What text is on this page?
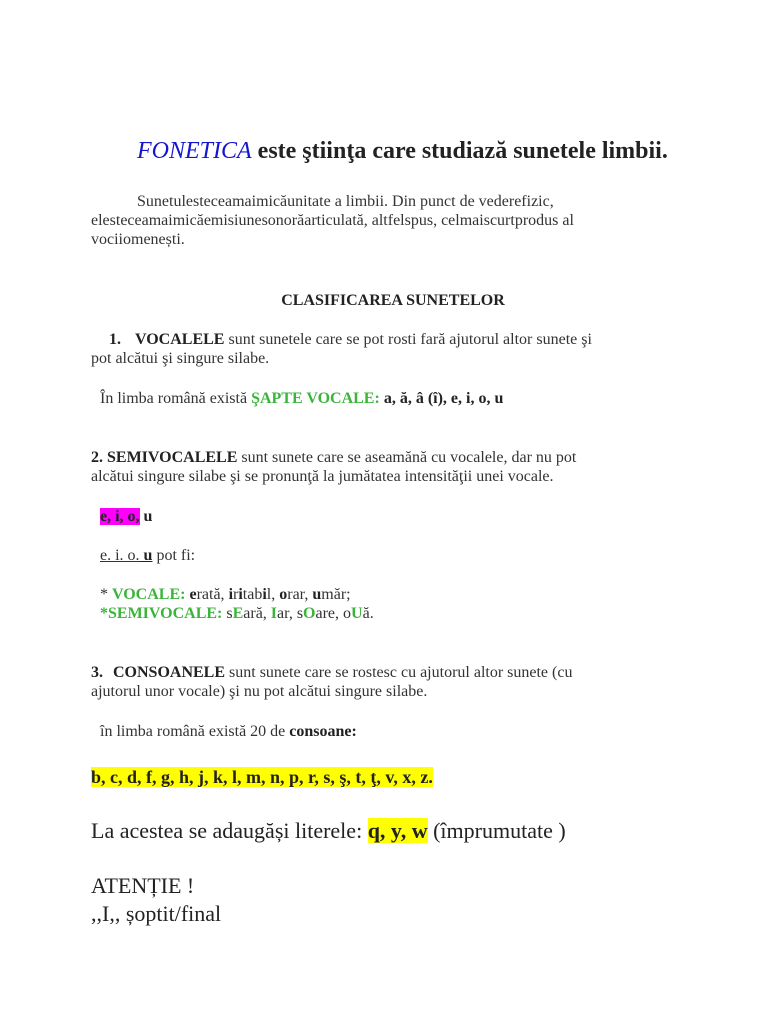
FONETICA este ştiinţa care studiază sunetele limbii.
Sunetulesteceamaimicăunitate a limbii. Din punct de vederefizic,
elesteceamaimicăemisiunesonorăarticulată, altfelspus, celmaiscurtprodus al
vociiomenești.
CLASIFICAREA SUNETELOR
1. VOCALELE sunt sunetele care se pot rosti fară ajutorul altor sunete şi
pot alcătui şi singure silabe.
În limba română există ŞAPTE VOCALE: a, ă, â (î), e, i, o, u
2. SEMIVOCALELE sunt sunete care se aseamănă cu vocalele, dar nu pot
alcătui singure silabe şi se pronunţă la jumătatea intensităţii unei vocale.
e, i, o, u
e. i. o. u pot fi:
* VOCALE: erată, iritabil, orar, umăr;
*SEMIVOCALE: sEară, Iar, sOare, oUă.
3. CONSOANELE sunt sunete care se rostesc cu ajutorul altor sunete (cu
ajutorul unor vocale) şi nu pot alcătui singure silabe.
în limba română există 20 de consoane:
b, c, d, f, g, h, j, k, l, m, n, p, r, s, ş, t, ţ, v, x, z.
La acestea se adaugăși literele: q, y, w (împrumutate )
ATENȚIE !
,,I,, șoptit/final
